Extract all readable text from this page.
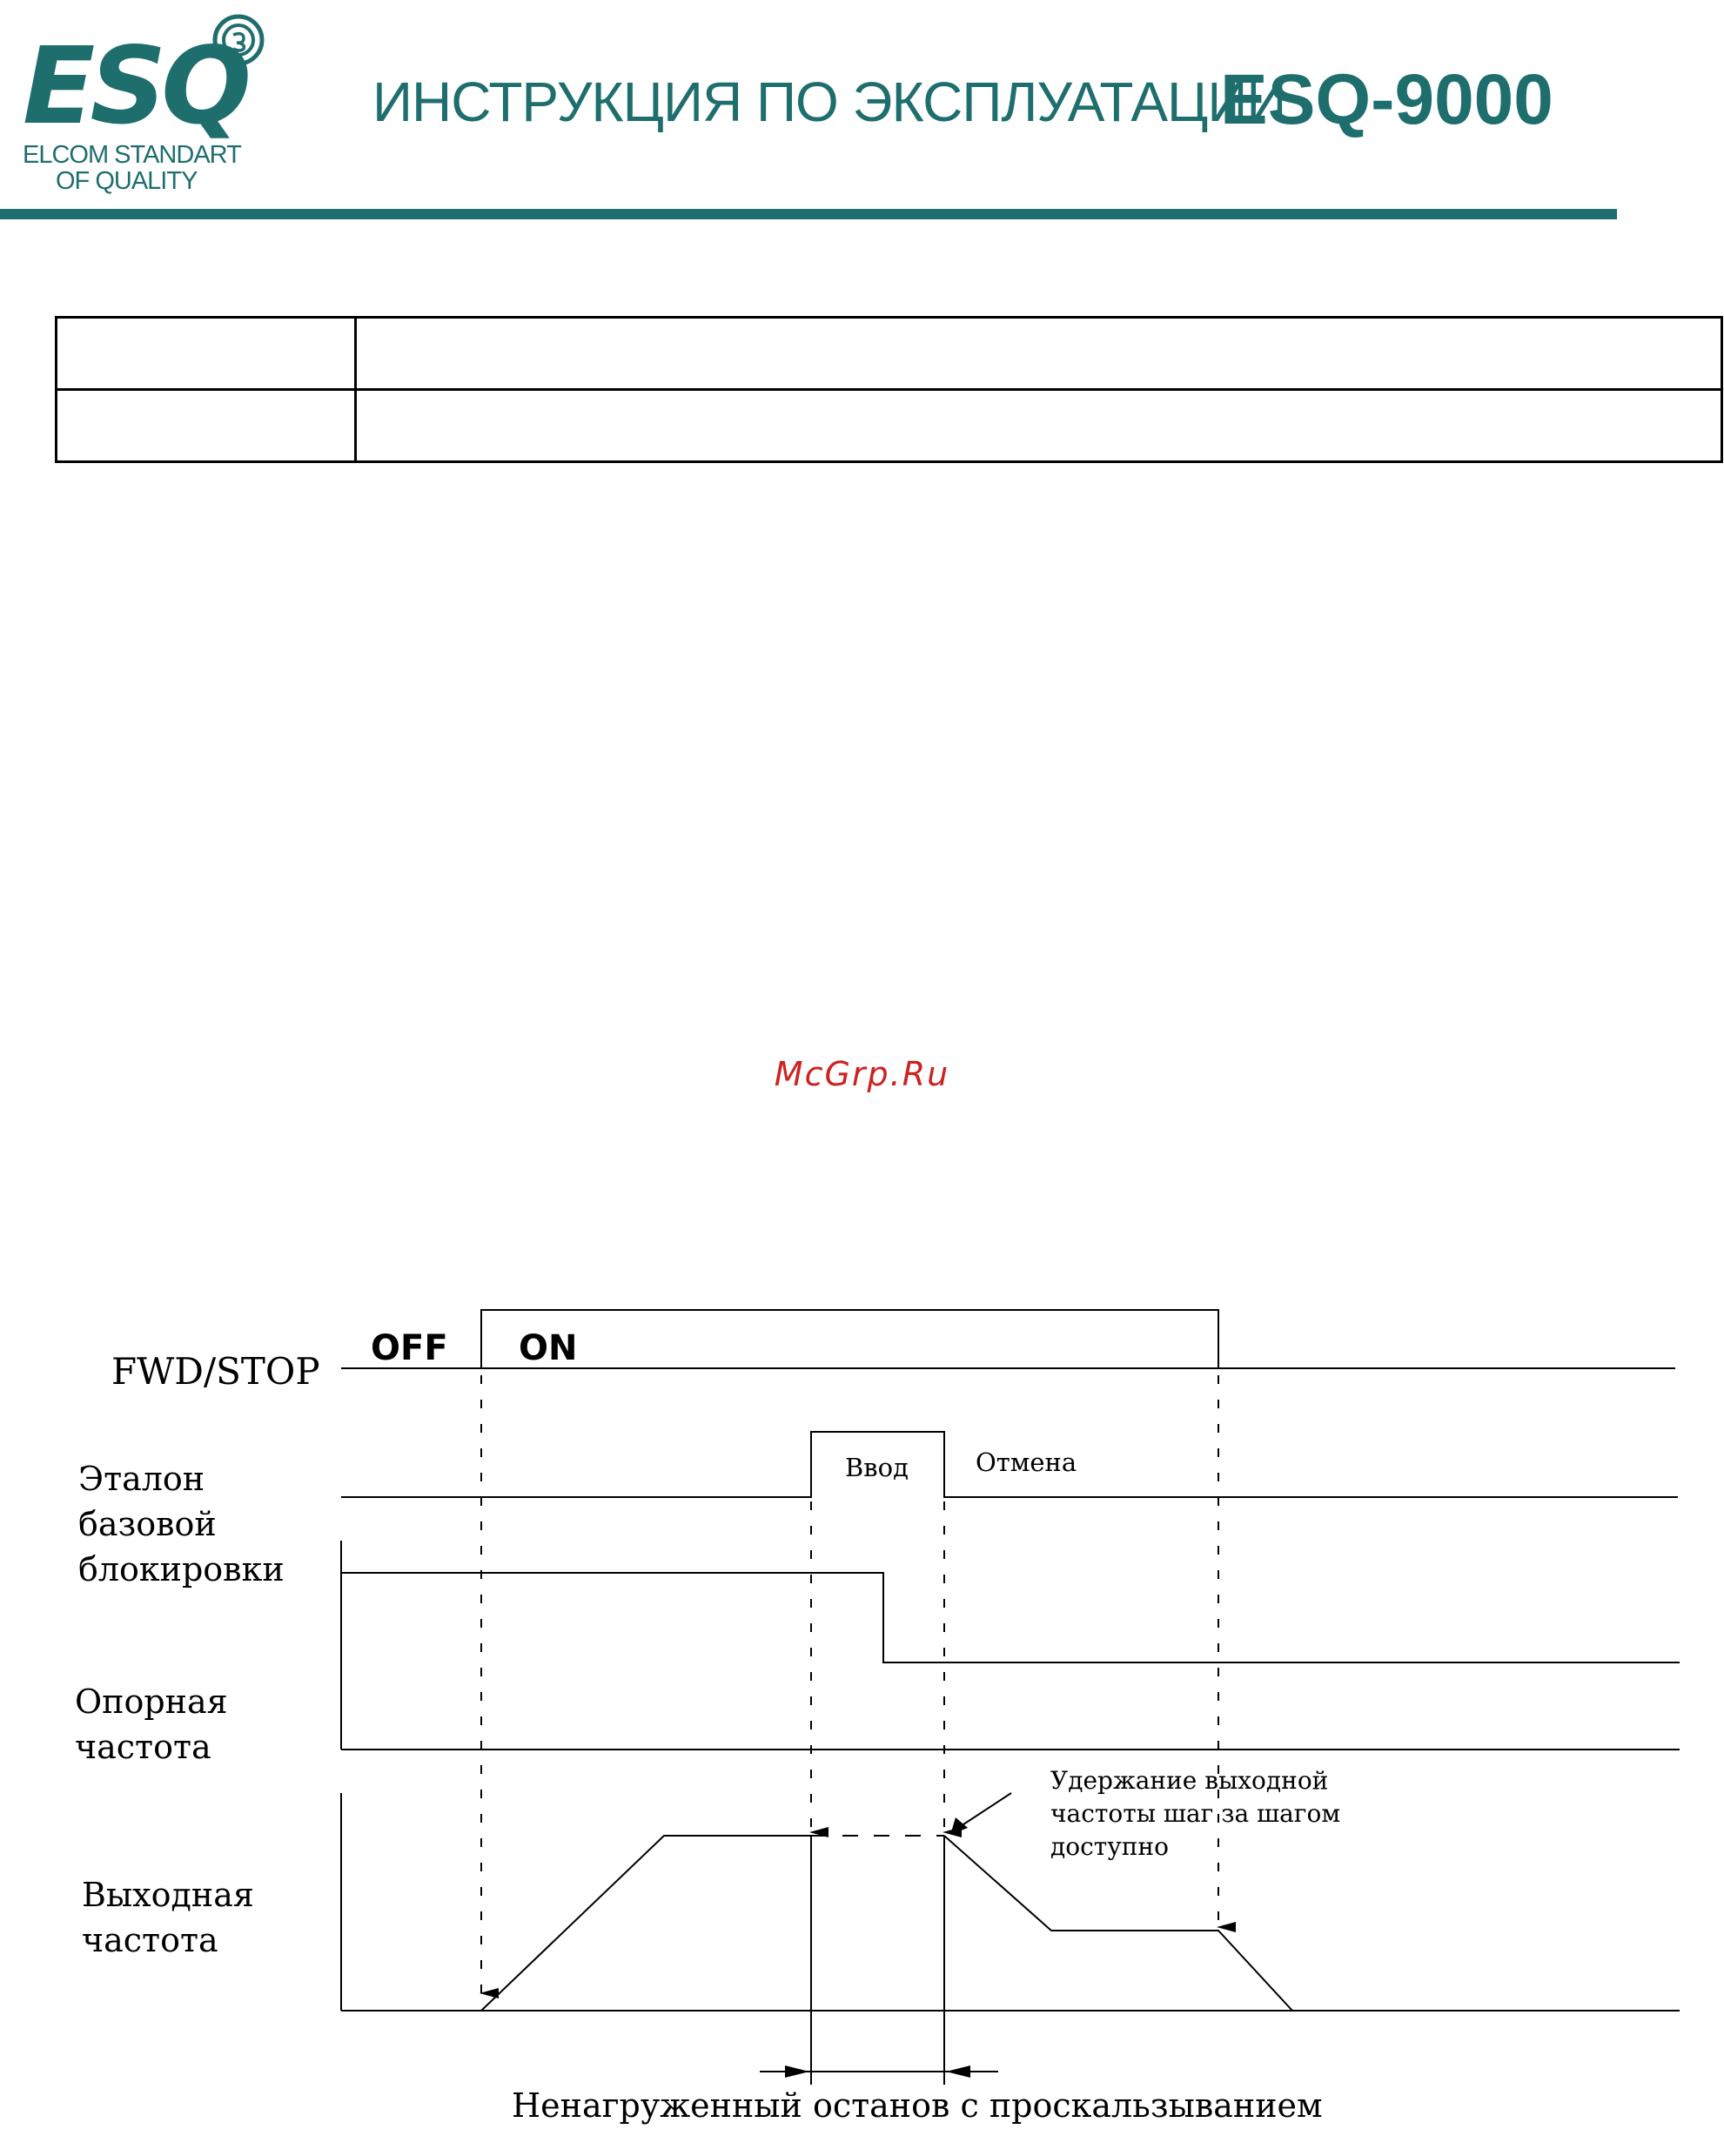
ESQ
ELCOM STANDART
OF QUALITY
ИНСТРУКЦИЯ ПО ЭКСПЛУАТАЦИИ
ESQ-9000

McGrp.Ru
FWD/STOP
OFF ON
Эталон
базовой
блокировки
Ввод	Отмена
Опорная
частота
Выходная
частота
Удержание выходной
частоты шаг за шагом
доступно
Ненагруженный останов с проскальзыванием
